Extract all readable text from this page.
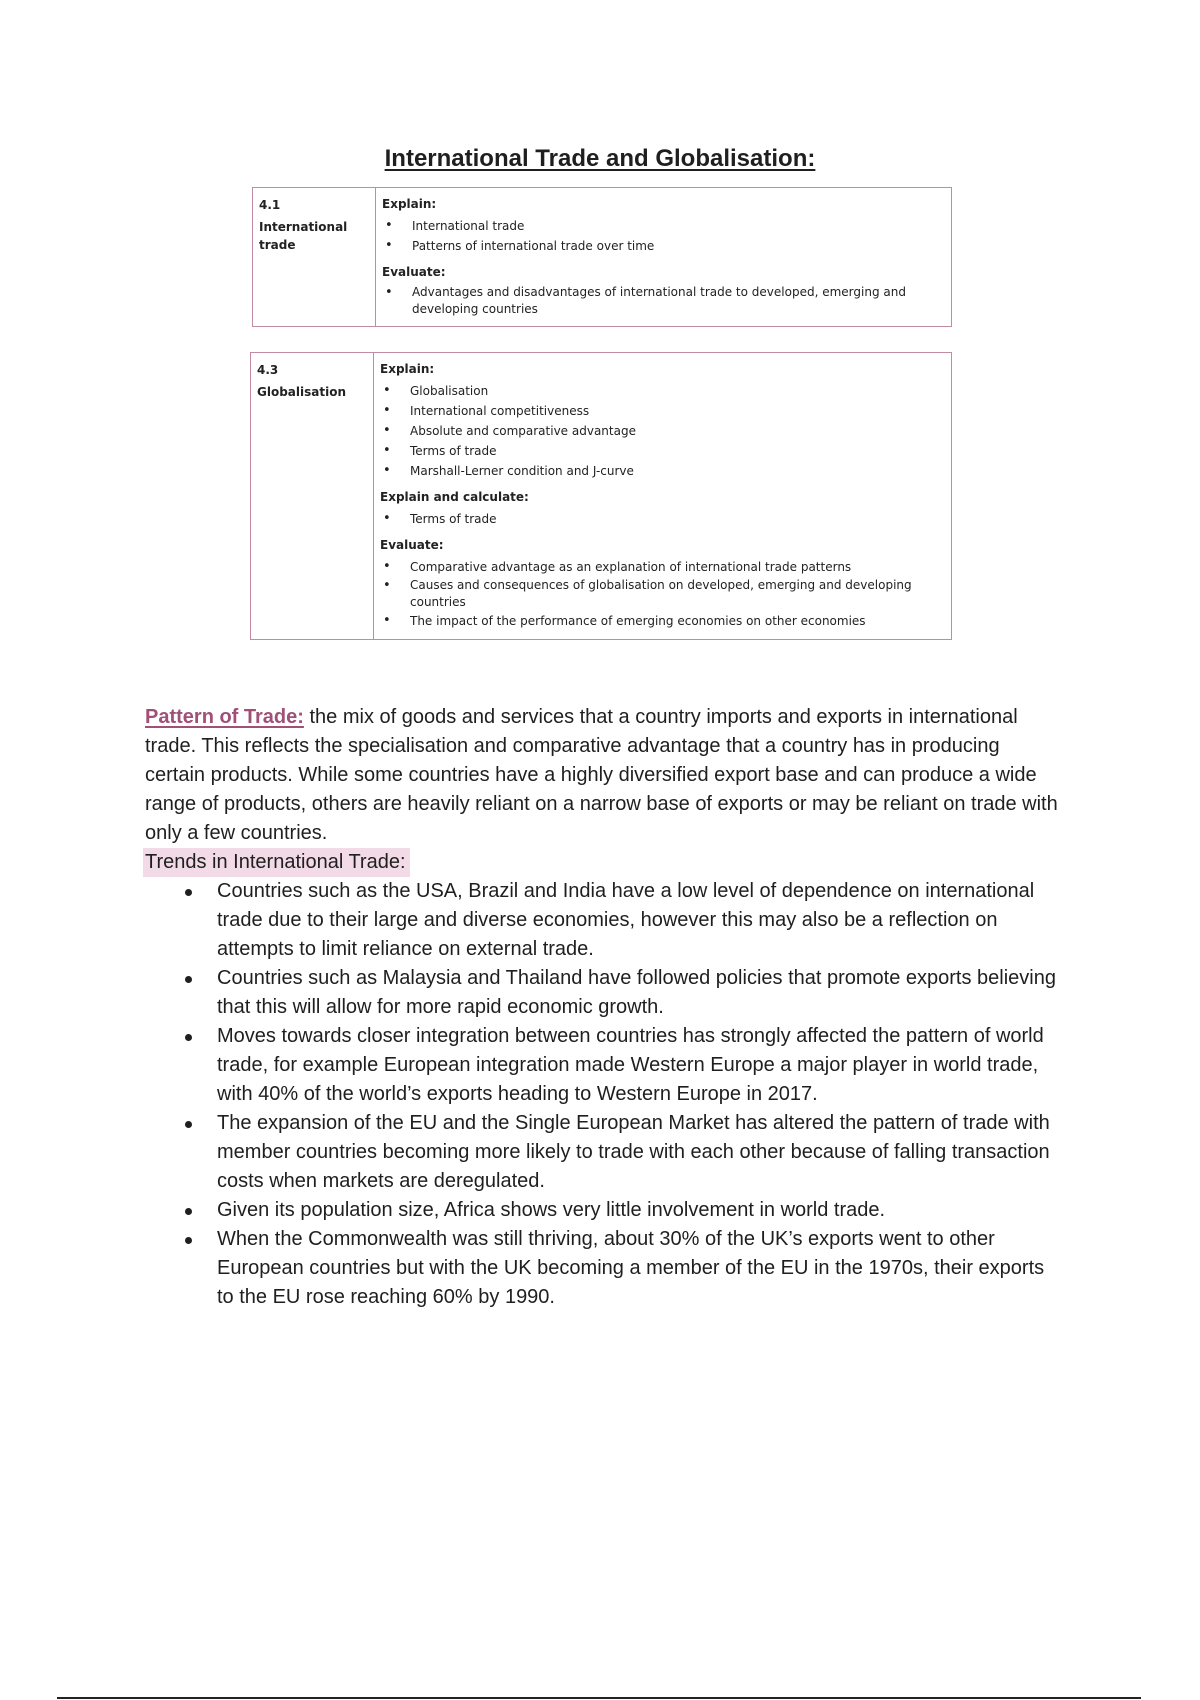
International Trade and Globalisation:
4.1
International trade

Explain:

• International trade
• Patterns of international trade over time

Evaluate:

• Advantages and disadvantages of international trade to developed, emerging and developing countries
4.3
Globalisation	

Explain:

• Globalisation
• International competitiveness
• Absolute and comparative advantage
• Terms of trade
• Marshall-Lerner condition and J-curve

Explain and calculate:

• Terms of trade

Evaluate:

• Comparative advantage as an explanation of international trade patterns
• Causes and consequences of globalisation on developed, emerging and developing countries
• The impact of the performance of emerging economies on other economies

Pattern of Trade: the mix of goods and services that a country imports and exports in international trade. This reflects the specialisation and comparative advantage that a country has in producing certain products. While some countries have a highly diversified export base and can produce a wide range of products, others are heavily reliant on a narrow base of exports or may be reliant on trade with only a few countries.

Trends in International Trade:

Countries such as the USA, Brazil and India have a low level of dependence on international trade due to their large and diverse economies, however this may also be a reflection on attempts to limit reliance on external trade.
Countries such as Malaysia and Thailand have followed policies that promote exports believing that this will allow for more rapid economic growth.
Moves towards closer integration between countries has strongly affected the pattern of world trade, for example European integration made Western Europe a major player in world trade, with 40% of the world’s exports heading to Western Europe in 2017.
The expansion of the EU and the Single European Market has altered the pattern of trade with member countries becoming more likely to trade with each other because of falling transaction costs when markets are deregulated.
Given its population size, Africa shows very little involvement in world trade.
When the Commonwealth was still thriving, about 30% of the UK’s exports went to other European countries but with the UK becoming a member of the EU in the 1970s, their exports to the EU rose reaching 60% by 1990.
